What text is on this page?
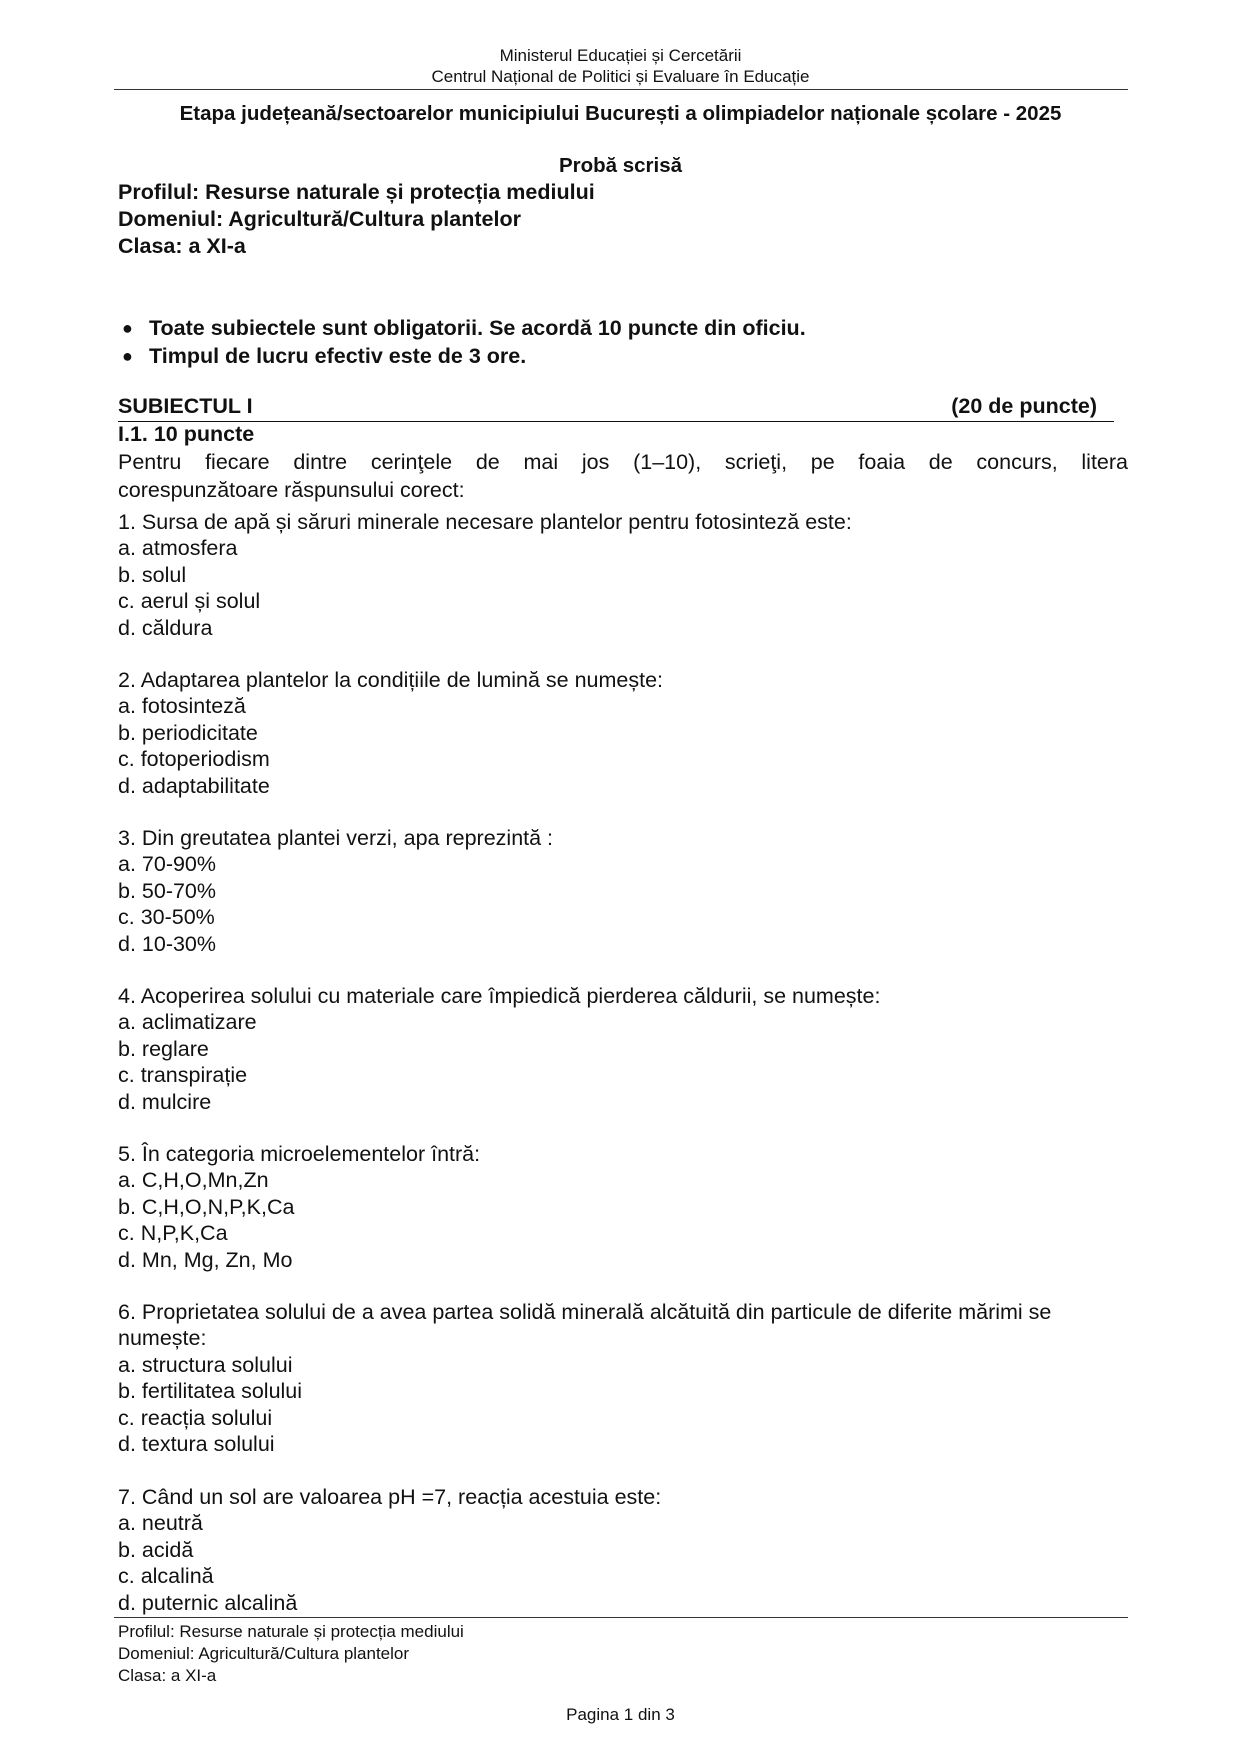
Ministerul Educației și Cercetării
Centrul Național de Politici și Evaluare în Educație
Etapa județeană/sectoarelor municipiului București a olimpiadelor naționale școlare - 2025
Probă scrisă
Profilul: Resurse naturale și protecția mediului
Domeniul: Agricultură/Cultura plantelor
Clasa: a XI-a
● Toate subiectele sunt obligatorii. Se acordă 10 puncte din oficiu.
● Timpul de lucru efectiv este de 3 ore.
SUBIECTUL I	(20 de puncte)
I.1. 10 puncte
Pentru fiecare dintre cerinţele de mai jos (1–10), scrieţi, pe foaia de concurs, litera
corespunzătoare răspunsului corect:
1. Sursa de apă și săruri minerale necesare plantelor pentru fotosinteză este:
a. atmosfera
b. solul
c. aerul și solul
d. căldura
2. Adaptarea plantelor la condițiile de lumină se numește:
a. fotosinteză
b. periodicitate
c. fotoperiodism
d. adaptabilitate
3. Din greutatea plantei verzi, apa reprezintă :
a. 70-90%
b. 50-70%
c. 30-50%
d. 10-30%
4. Acoperirea solului cu materiale care împiedică pierderea căldurii, se numește:
a. aclimatizare
b. reglare
c. transpirație
d. mulcire
5. În categoria microelementelor întră:
a. C,H,O,Mn,Zn
b. C,H,O,N,P,K,Ca
c. N,P,K,Ca
d. Mn, Mg, Zn, Mo
6. Proprietatea solului de a avea partea solidă minerală alcătuită din particule de diferite mărimi se numește:
a. structura solului
b. fertilitatea solului
c. reacția solului
d. textura solului
7. Când un sol are valoarea pH =7, reacția acestuia este:
a. neutră
b. acidă
c. alcalină
d. puternic alcalină
Profilul: Resurse naturale și protecția mediului
Domeniul: Agricultură/Cultura plantelor
Clasa: a XI-a
Pagina 1 din 3
